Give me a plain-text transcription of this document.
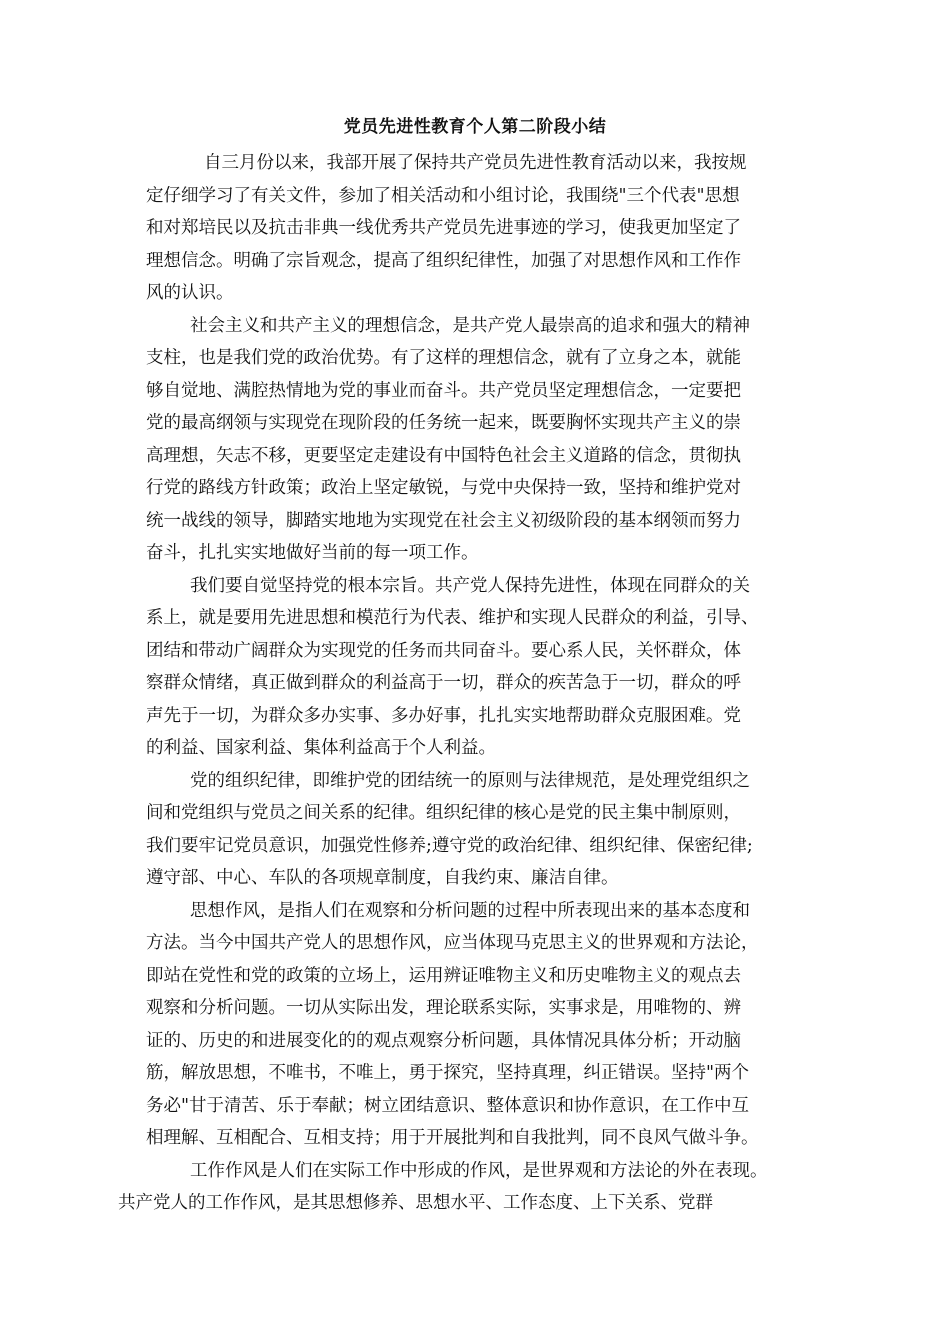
党员先进性教育个人第二阶段小结

自三月份以来，我部开展了保持共产党员先进性教育活动以来，我按规

定仔细学习了有关文件，参加了相关活动和小组讨论，我围绕"三个代表"思想

和对郑培民以及抗击非典一线优秀共产党员先进事迹的学习，使我更加坚定了

理想信念。明确了宗旨观念，提高了组织纪律性，加强了对思想作风和工作作

风的认识。

社会主义和共产主义的理想信念，是共产党人最崇高的追求和强大的精神

支柱，也是我们党的政治优势。有了这样的理想信念，就有了立身之本，就能

够自觉地、满腔热情地为党的事业而奋斗。共产党员坚定理想信念，一定要把

党的最高纲领与实现党在现阶段的任务统一起来，既要胸怀实现共产主义的崇

高理想，矢志不移，更要坚定走建设有中国特色社会主义道路的信念，贯彻执

行党的路线方针政策；政治上坚定敏锐，与党中央保持一致，坚持和维护党对

统一战线的领导，脚踏实地地为实现党在社会主义初级阶段的基本纲领而努力

奋斗，扎扎实实地做好当前的每一项工作。

我们要自觉坚持党的根本宗旨。共产党人保持先进性，体现在同群众的关

系上，就是要用先进思想和模范行为代表、维护和实现人民群众的利益，引导、

团结和带动广阔群众为实现党的任务而共同奋斗。要心系人民，关怀群众，体

察群众情绪，真正做到群众的利益高于一切，群众的疾苦急于一切，群众的呼

声先于一切，为群众多办实事、多办好事，扎扎实实地帮助群众克服困难。党

的利益、国家利益、集体利益高于个人利益。

党的组织纪律，即维护党的团结统一的原则与法律规范，是处理党组织之

间和党组织与党员之间关系的纪律。组织纪律的核心是党的民主集中制原则，

我们要牢记党员意识，加强党性修养;遵守党的政治纪律、组织纪律、保密纪律;

遵守部、中心、车队的各项规章制度，自我约束、廉洁自律。

思想作风，是指人们在观察和分析问题的过程中所表现出来的基本态度和

方法。当今中国共产党人的思想作风，应当体现马克思主义的世界观和方法论，

即站在党性和党的政策的立场上，运用辨证唯物主义和历史唯物主义的观点去

观察和分析问题。一切从实际出发，理论联系实际，实事求是，用唯物的、辨

证的、历史的和进展变化的的观点观察分析问题，具体情况具体分析；开动脑

筋，解放思想，不唯书，不唯上，勇于探究，坚持真理，纠正错误。坚持"两个

务必"甘于清苦、乐于奉献；树立团结意识、整体意识和协作意识，在工作中互

相理解、互相配合、互相支持；用于开展批判和自我批判，同不良风气做斗争。

工作作风是人们在实际工作中形成的作风，是世界观和方法论的外在表现。

共产党人的工作作风，是其思想修养、思想水平、工作态度、上下关系、党群
